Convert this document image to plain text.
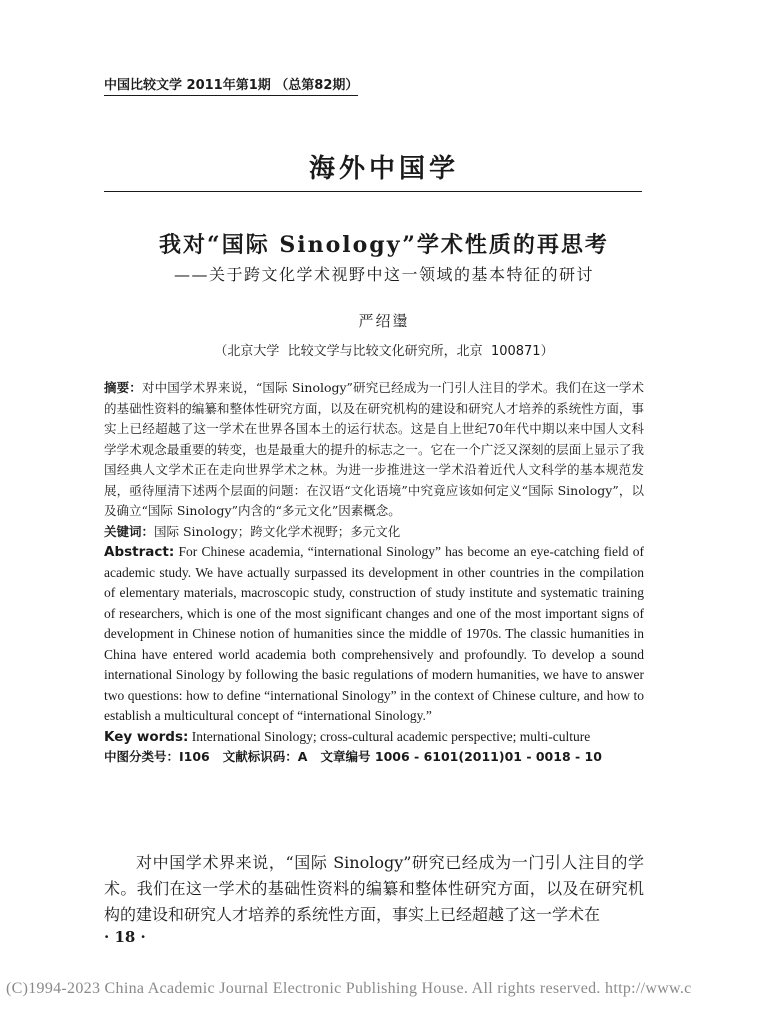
中国比较文学 2011年第1期 （总第82期）
海外中国学
我对“国际 Sinology”学术性质的再思考
——关于跨文化学术视野中这一领域的基本特征的研讨
严绍璗
（北京大学  比较文学与比较文化研究所，北京  100871）

摘要：对中国学术界来说，“国际 Sinology”研究已经成为一门引人注目的学术。我们在这一学术的基础性资料的编纂和整体性研究方面，以及在研究机构的建设和研究人才培养的系统性方面，事实上已经超越了这一学术在世界各国本土的运行状态。这是自上世纪70年代中期以来中国人文科学学术观念最重要的转变，也是最重大的提升的标志之一。它在一个广泛又深刻的层面上显示了我国经典人文学术正在走向世界学术之林。为进一步推进这一学术沿着近代人文科学的基本规范发展，亟待厘清下述两个层面的问题：在汉语“文化语境”中究竟应该如何定义“国际 Sinology”，以及确立“国际 Sinology”内含的“多元文化”因素概念。

关键词：国际 Sinology；跨文化学术视野；多元文化

Abstract: For Chinese academia, “international Sinology” has become an eye-catching field of academic study. We have actually surpassed its development in other countries in the compilation of elementary materials, macroscopic study, construction of study institute and systematic training of researchers, which is one of the most significant changes and one of the most important signs of development in Chinese notion of humanities since the middle of 1970s. The classic humanities in China have entered world academia both comprehensively and profoundly. To develop a sound international Sinology by following the basic regulations of modern humanities, we have to answer two questions: how to define “international Sinology” in the context of Chinese culture, and how to establish a multicultural concept of “international Sinology.”

Key words: International Sinology; cross-cultural academic perspective; multi-culture

中图分类号：I106   文献标识码：A   文章编号 1006 - 6101(2011)01 - 0018 - 10

对中国学术界来说，“国际 Sinology”研究已经成为一门引人注目的学术。我们在这一学术的基础性资料的编纂和整体性研究方面，以及在研究机构的建设和研究人才培养的系统性方面，事实上已经超越了这一学术在

· 18 ·
(C)1994-2023 China Academic Journal Electronic Publishing House. All rights reserved. http://www.c
